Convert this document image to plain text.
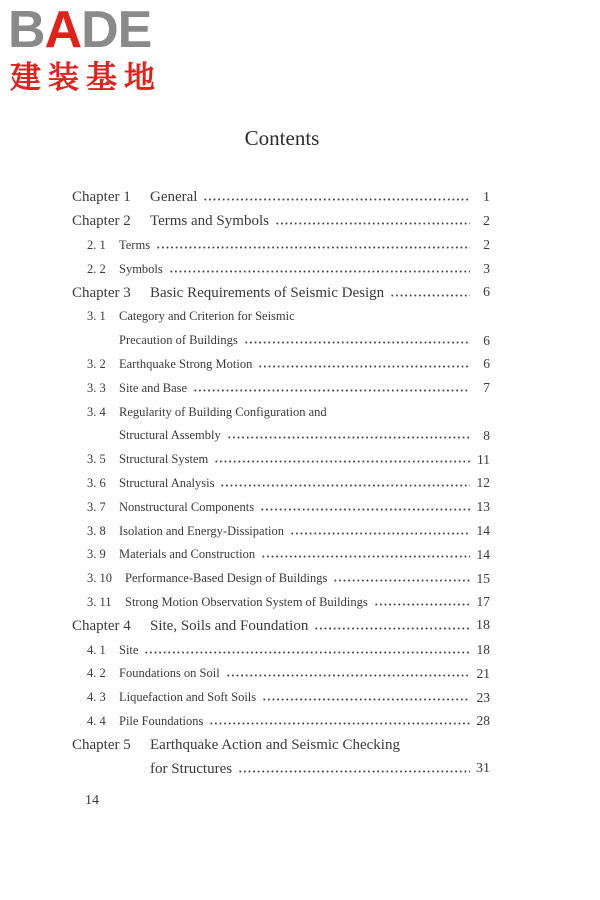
BADE
建装基地
Contents
Chapter 1	General	1
Chapter 2	Terms and Symbols	2
2. 1	Terms	2
2. 2	Symbols	3
Chapter 3	Basic Requirements of Seismic Design	6
3. 1	Category and Criterion for Seismic
Precaution of Buildings	6
3. 2	Earthquake Strong Motion	6
3. 3	Site and Base	7
3. 4	Regularity of Building Configuration and
Structural Assembly	8
3. 5	Structural System	11
3. 6	Structural Analysis	12
3. 7	Nonstructural Components	13
3. 8	Isolation and Energy-Dissipation	14
3. 9	Materials and Construction	14
3. 10	Performance-Based Design of Buildings	15
3. 11	Strong Motion Observation System of Buildings	17
Chapter 4	Site, Soils and Foundation	18
4. 1	Site	18
4. 2	Foundations on Soil	21
4. 3	Liquefaction and Soft Soils	23
4. 4	Pile Foundations	28
Chapter 5	Earthquake Action and Seismic Checking
for Structures	31
14
